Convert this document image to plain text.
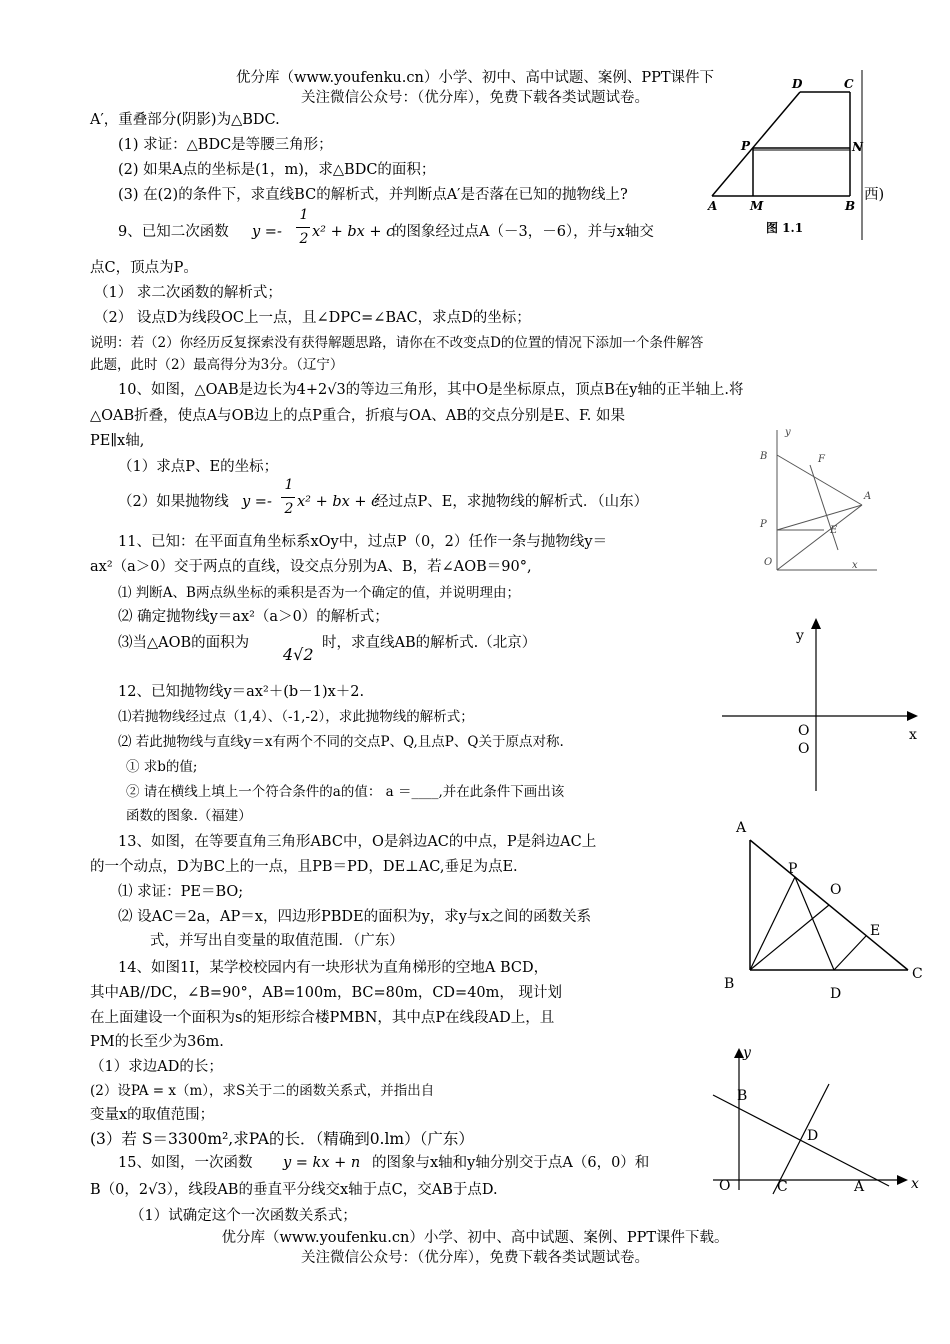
优分库（www.youfenku.cn）小学、初中、高中试题、案例、PPT课件下
关注微信公众号：（优分库），免费下载各类试题试卷。
A′，重叠部分(阴影)为△BDC.
(1) 求证：△BDC是等腰三角形；
(2) 如果A点的坐标是(1，m)，求△BDC的面积；
(3) 在(2)的条件下，求直线BC的解析式，并判断点A′是否落在已知的抛物线上?	西)
D	C
P	N
A	M	B
图 1.1
9、已知二次函数 y =-
1
2 x² + bx + c
的图象经过点A（－3，－6），并与x轴交
点C，顶点为P。
（1） 求二次函数的解析式；
（2） 设点D为线段OC上一点，且∠DPC=∠BAC，求点D的坐标；
说明：若（2）你经历反复探索没有获得解题思路，请你在不改变点D的位置的情况下添加一个条件解答
此题，此时（2）最高得分为3分。（辽宁）
10、如图，△OAB是边长为4+2√3的等边三角形，其中O是坐标原点，顶点B在y轴的正半轴上.将
△OAB折叠，使点A与OB边上的点P重合，折痕与OA、AB的交点分别是E、F. 如果
PE∥x轴,
（1）求点P、E的坐标；
（2）如果抛物线 y =-
1
2 x² + bx + c
经过点P、E，求抛物线的解析式．（山东）
y
B	F
A
P
E
O	x
11、已知：在平面直角坐标系xOy中，过点P（0，2）任作一条与抛物线y＝
ax²（a＞0）交于两点的直线，设交点分别为A、B，若∠AOB＝90°,
⑴ 判断A、B两点纵坐标的乘积是否为一个确定的值，并说明理由；
⑵ 确定抛物线y＝ax²（a＞0）的解析式；
⑶当△AOB的面积为
4√2
时，求直线AB的解析式.（北京）	y
O
O
x
12、已知抛物线y＝ax²＋(b－1)x＋2.
⑴若抛物线经过点（1,4）、（-1,-2），求此抛物线的解析式；
⑵ 若此抛物线与直线y＝x有两个不同的交点P、Q,且点P、Q关于原点对称.
① 求b的值;
② 请在横线上填上一个符合条件的a的值： a ＝____,并在此条件下画出该
函数的图象.（福建）
13、如图，在等要直角三角形ABC中，O是斜边AC的中点，P是斜边AC上
的一个动点，D为BC上的一点，且PB＝PD，DE⊥AC,垂足为点E.
⑴ 求证：PE＝BO;
⑵ 设AC＝2a，AP＝x，四边形PBDE的面积为y，求y与x之间的函数关系
式，并写出自变量的取值范围．（广东）
A
P
O
E
B
D
C
14、如图1I，某学校校园内有一块形状为直角梯形的空地A BCD，
其中AB//DC，∠B=90°，AB=100m，BC=80m，CD=40m， 现计划
在上面建设一个面积为s的矩形综合楼PMBN，其中点P在线段AD上，且
PM的长至少为36m.
（1）求边AD的长；
(2）设PA = x（m），求S关于二的函数关系式，并指出自
变量x的取值范围；
(3）若 S＝3300m²,求PA的长．（精确到0.lm）（广东）
y
B
D
O	C	A	x
15、如图，一次函数 y = kx + n 的图象与x轴和y轴分别交于点A（6，0）和
B（0，2√3），线段AB的垂直平分线交x轴于点C，交AB于点D.
（1）试确定这个一次函数关系式；
优分库（www.youfenku.cn）小学、初中、高中试题、案例、PPT课件下载。
关注微信公众号：（优分库），免费下载各类试题试卷。
